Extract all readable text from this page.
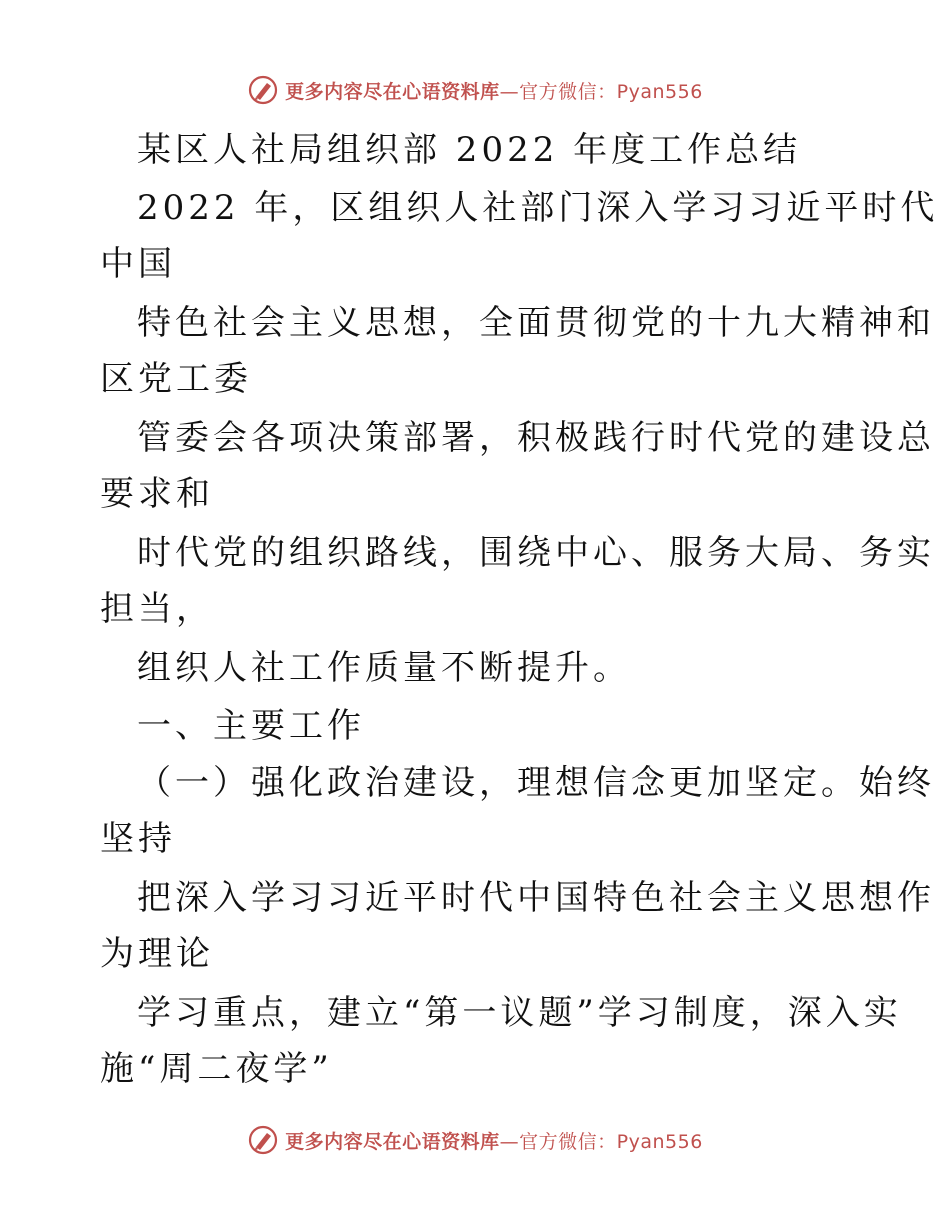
更多内容尽在心语资料库—官方微信：Pyan556
某区人社局组织部 2022 年度工作总结
2022 年，区组织人社部门深入学习习近平时代
中国
特色社会主义思想，全面贯彻党的十九大精神和
区党工委
管委会各项决策部署，积极践行时代党的建设总
要求和
时代党的组织路线，围绕中心、服务大局、务实
担当，
组织人社工作质量不断提升。
一、主要工作
（一）强化政治建设，理想信念更加坚定。始终
坚持
把深入学习习近平时代中国特色社会主义思想作
为理论
学习重点，建立“第一议题”学习制度，深入实
施“周二夜学”
更多内容尽在心语资料库—官方微信：Pyan556
